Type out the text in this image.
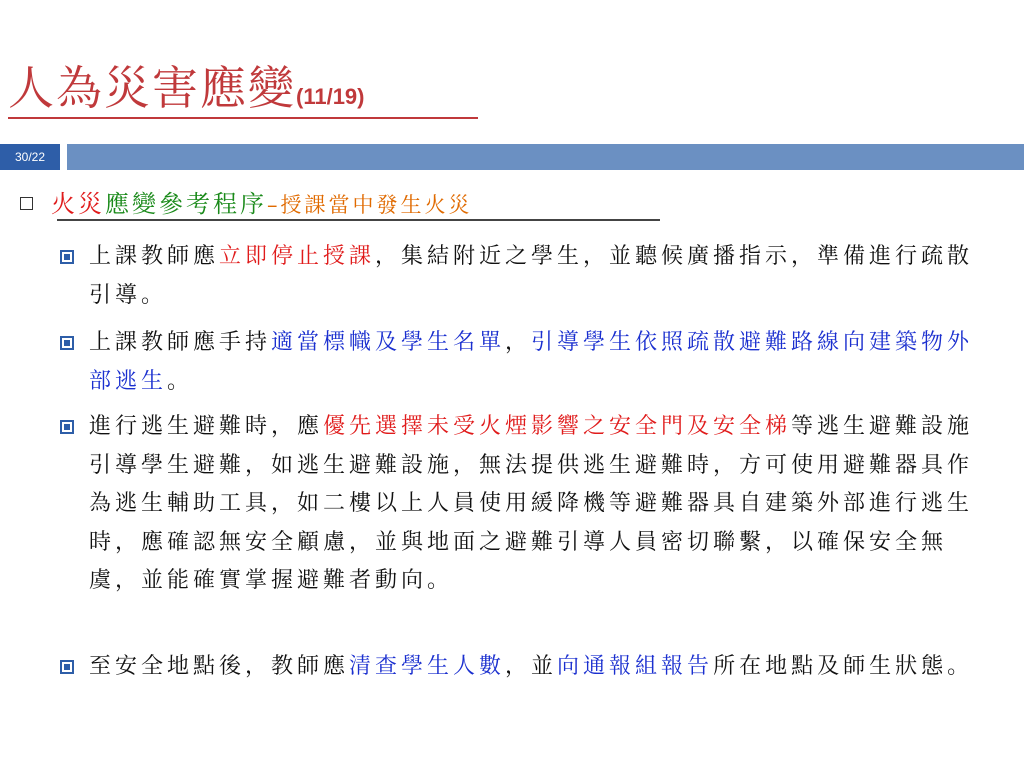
人為災害應變(11/19)
30/22
火災應變參考程序–授課當中發生火災
上課教師應立即停止授課，集結附近之學生，並聽候廣播指示，準備進行疏散引導。
上課教師應手持適當標幟及學生名單，引導學生依照疏散避難路線向建築物外部逃生。
進行逃生避難時，應優先選擇未受火煙影響之安全門及安全梯等逃生避難設施引導學生避難，如逃生避難設施，無法提供逃生避難時，方可使用避難器具作為逃生輔助工具，如二樓以上人員使用緩降機等避難器具自建築外部進行逃生時，應確認無安全顧慮，並與地面之避難引導人員密切聯繫，以確保安全無虞，並能確實掌握避難者動向。
至安全地點後，教師應清查學生人數，並向通報組報告所在地點及師生狀態。
